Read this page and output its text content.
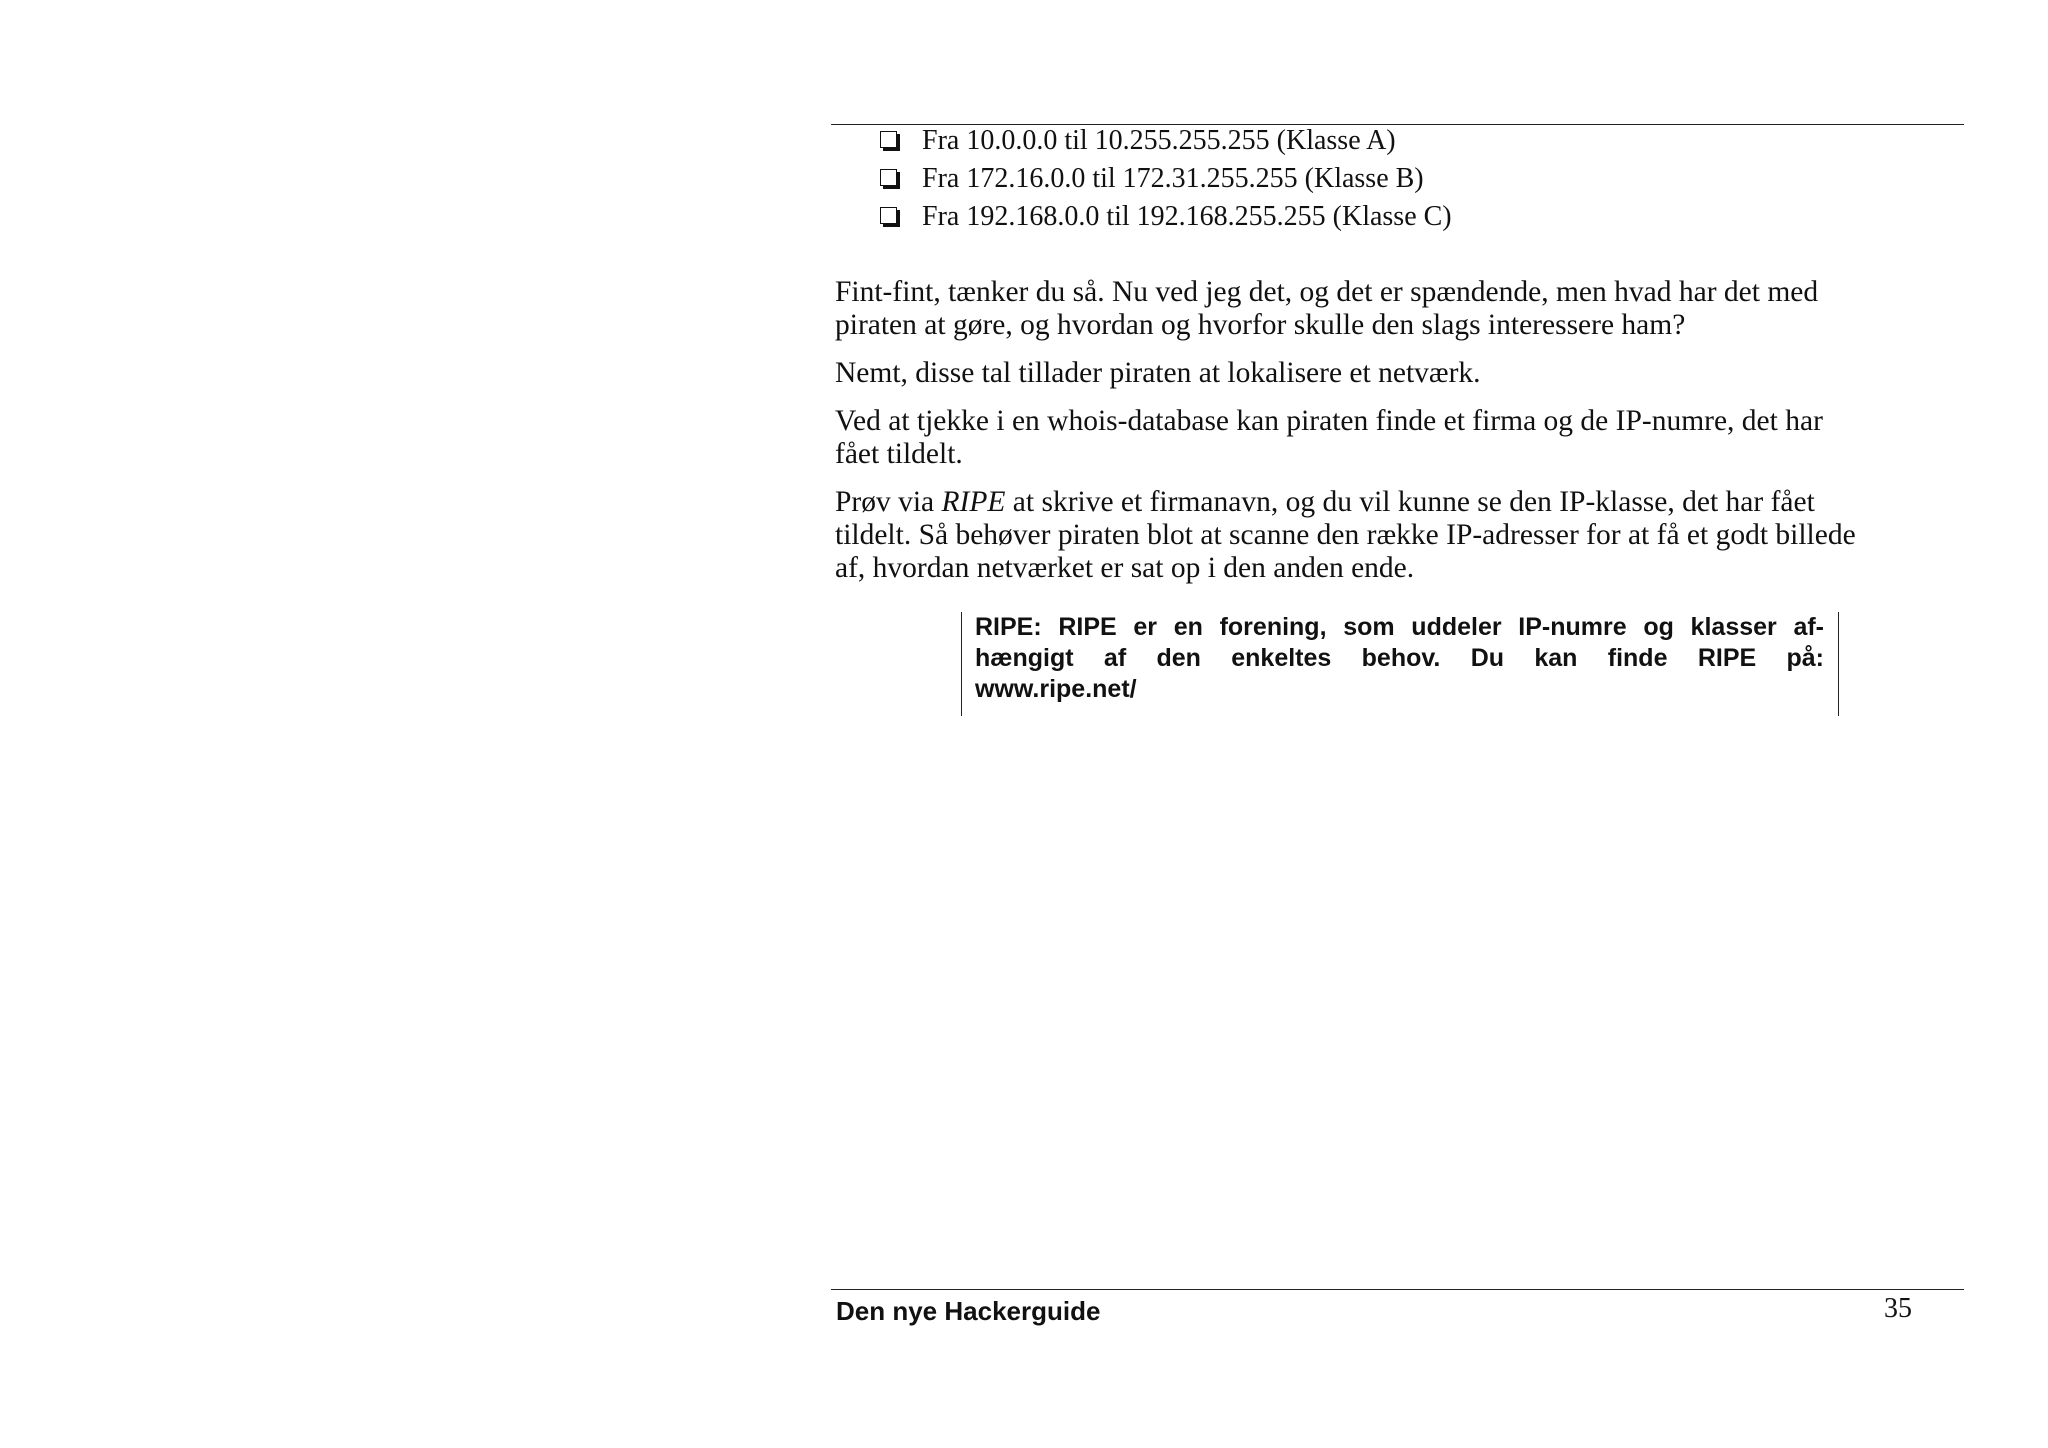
Fra 10.0.0.0 til 10.255.255.255 (Klasse A)
Fra 172.16.0.0 til 172.31.255.255 (Klasse B)
Fra 192.168.0.0 til 192.168.255.255 (Klasse C)

Fint-fint, tænker du så. Nu ved jeg det, og det er spændende, men hvad har det med
piraten at gøre, og hvordan og hvorfor skulle den slags interessere ham?

Nemt, disse tal tillader piraten at lokalisere et netværk.

Ved at tjekke i en whois-database kan piraten finde et firma og de IP-numre, det har
fået tildelt.

Prøv via RIPE at skrive et firmanavn, og du vil kunne se den IP-klasse, det har fået
tildelt. Så behøver piraten blot at scanne den række IP-adresser for at få et godt billede
af, hvordan netværket er sat op i den anden ende.

RIPE: RIPE er en forening, som uddeler IP-numre og klasser af-
hængigt af den enkeltes behov. Du kan finde RIPE på:
www.ripe.net/
Den nye Hackerguide	35
